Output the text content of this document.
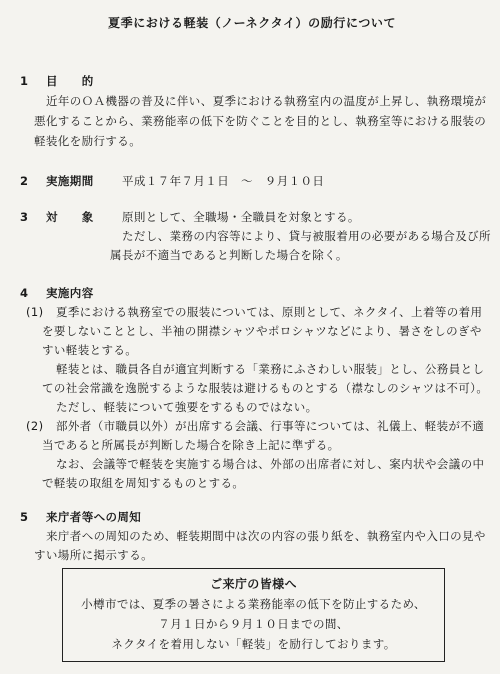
夏季における軽装（ノーネクタイ）の励行について
1 目　　的
近年のＯＡ機器の普及に伴い、夏季における執務室内の温度が上昇し、執務環境が
悪化することから、業務能率の低下を防ぐことを目的とし、執務室等における服装の
軽装化を励行する。
2 実施期間 平成１７年７月１日　～　９月１０日
3 対　　象 原則として、全職場・全職員を対象とする。
ただし、業務の内容等により、貸与被服着用の必要がある場合及び所
属長が不適当であると判断した場合を除く。
4 実施内容
(1) 夏季における執務室での服装については、原則として、ネクタイ、上着等の着用
を要しないこととし、半袖の開襟シャツやポロシャツなどにより、暑さをしのぎや
すい軽装とする。
軽装とは、職員各自が適宜判断する「業務にふさわしい服装」とし、公務員とし
ての社会常識を逸脱するような服装は避けるものとする（襟なしのシャツは不可）。
ただし、軽装について強要をするものではない。
(2) 部外者（市職員以外）が出席する会議、行事等については、礼儀上、軽装が不適
当であると所属長が判断した場合を除き上記に準ずる。
なお、会議等で軽装を実施する場合は、外部の出席者に対し、案内状や会議の中
で軽装の取組を周知するものとする。
5 来庁者等への周知
来庁者への周知のため、軽装期間中は次の内容の張り紙を、執務室内や入口の見や
すい場所に掲示する。
ご来庁の皆様へ
小樽市では、夏季の暑さによる業務能率の低下を防止するため、
７月１日から９月１０日までの間、
ネクタイを着用しない「軽装」を励行しております。
